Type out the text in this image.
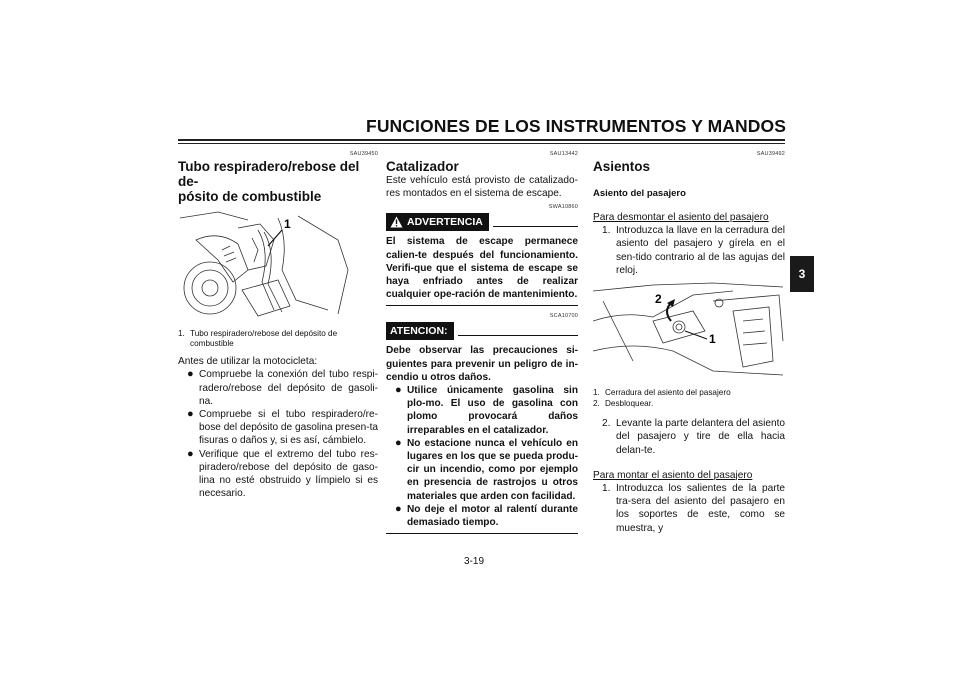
FUNCIONES DE LOS INSTRUMENTOS Y MANDOS
3
SAU39450
Tubo respiradero/rebose del de-
pósito de combustible
1
1. Tubo respiradero/rebose del depósito de combustible

Antes de utilizar la motocicleta:

● Compruebe la conexión del tubo respi-radero/rebose del depósito de gasoli-na.
● Compruebe si el tubo respiradero/re-bose del depósito de gasolina presen-ta fisuras o daños y, si es así, cámbielo.
● Verifique que el extremo del tubo res-piradero/rebose del depósito de gaso-lina no esté obstruido y límpielo si es necesario.
SAU13442
Catalizador

Este vehículo está provisto de catalizado-res montados en el sistema de escape.

SWA10860
ADVERTENCIA

El sistema de escape permanece calien-te después del funcionamiento. Verifi-que que el sistema de escape se haya enfriado antes de realizar cualquier ope-ración de mantenimiento.

SCA10700
ATENCION:

Debe observar las precauciones si-guientes para prevenir un peligro de in-cendio u otros daños.

● Utilice únicamente gasolina sin plo-mo. El uso de gasolina con plomo provocará daños irreparables en el catalizador.
● No estacione nunca el vehículo en lugares en los que se pueda produ-cir un incendio, como por ejemplo en presencia de rastrojos u otros materiales que arden con facilidad.
● No deje el motor al ralentí durante demasiado tiempo.
SAU39492
Asientos
Asiento del pasajero
Para desmontar el asiento del pasajero
1. Introduzca la llave en la cerradura del asiento del pasajero y gírela en el sen-tido contrario al de las agujas del reloj.
2
1
1. Cerradura del asiento del pasajero
2. Desbloquear.
2. Levante la parte delantera del asiento del pasajero y tire de ella hacia delan-te.
Para montar el asiento del pasajero
1. Introduzca los salientes de la parte tra-sera del asiento del pasajero en los soportes de este, como se muestra, y
3-19
